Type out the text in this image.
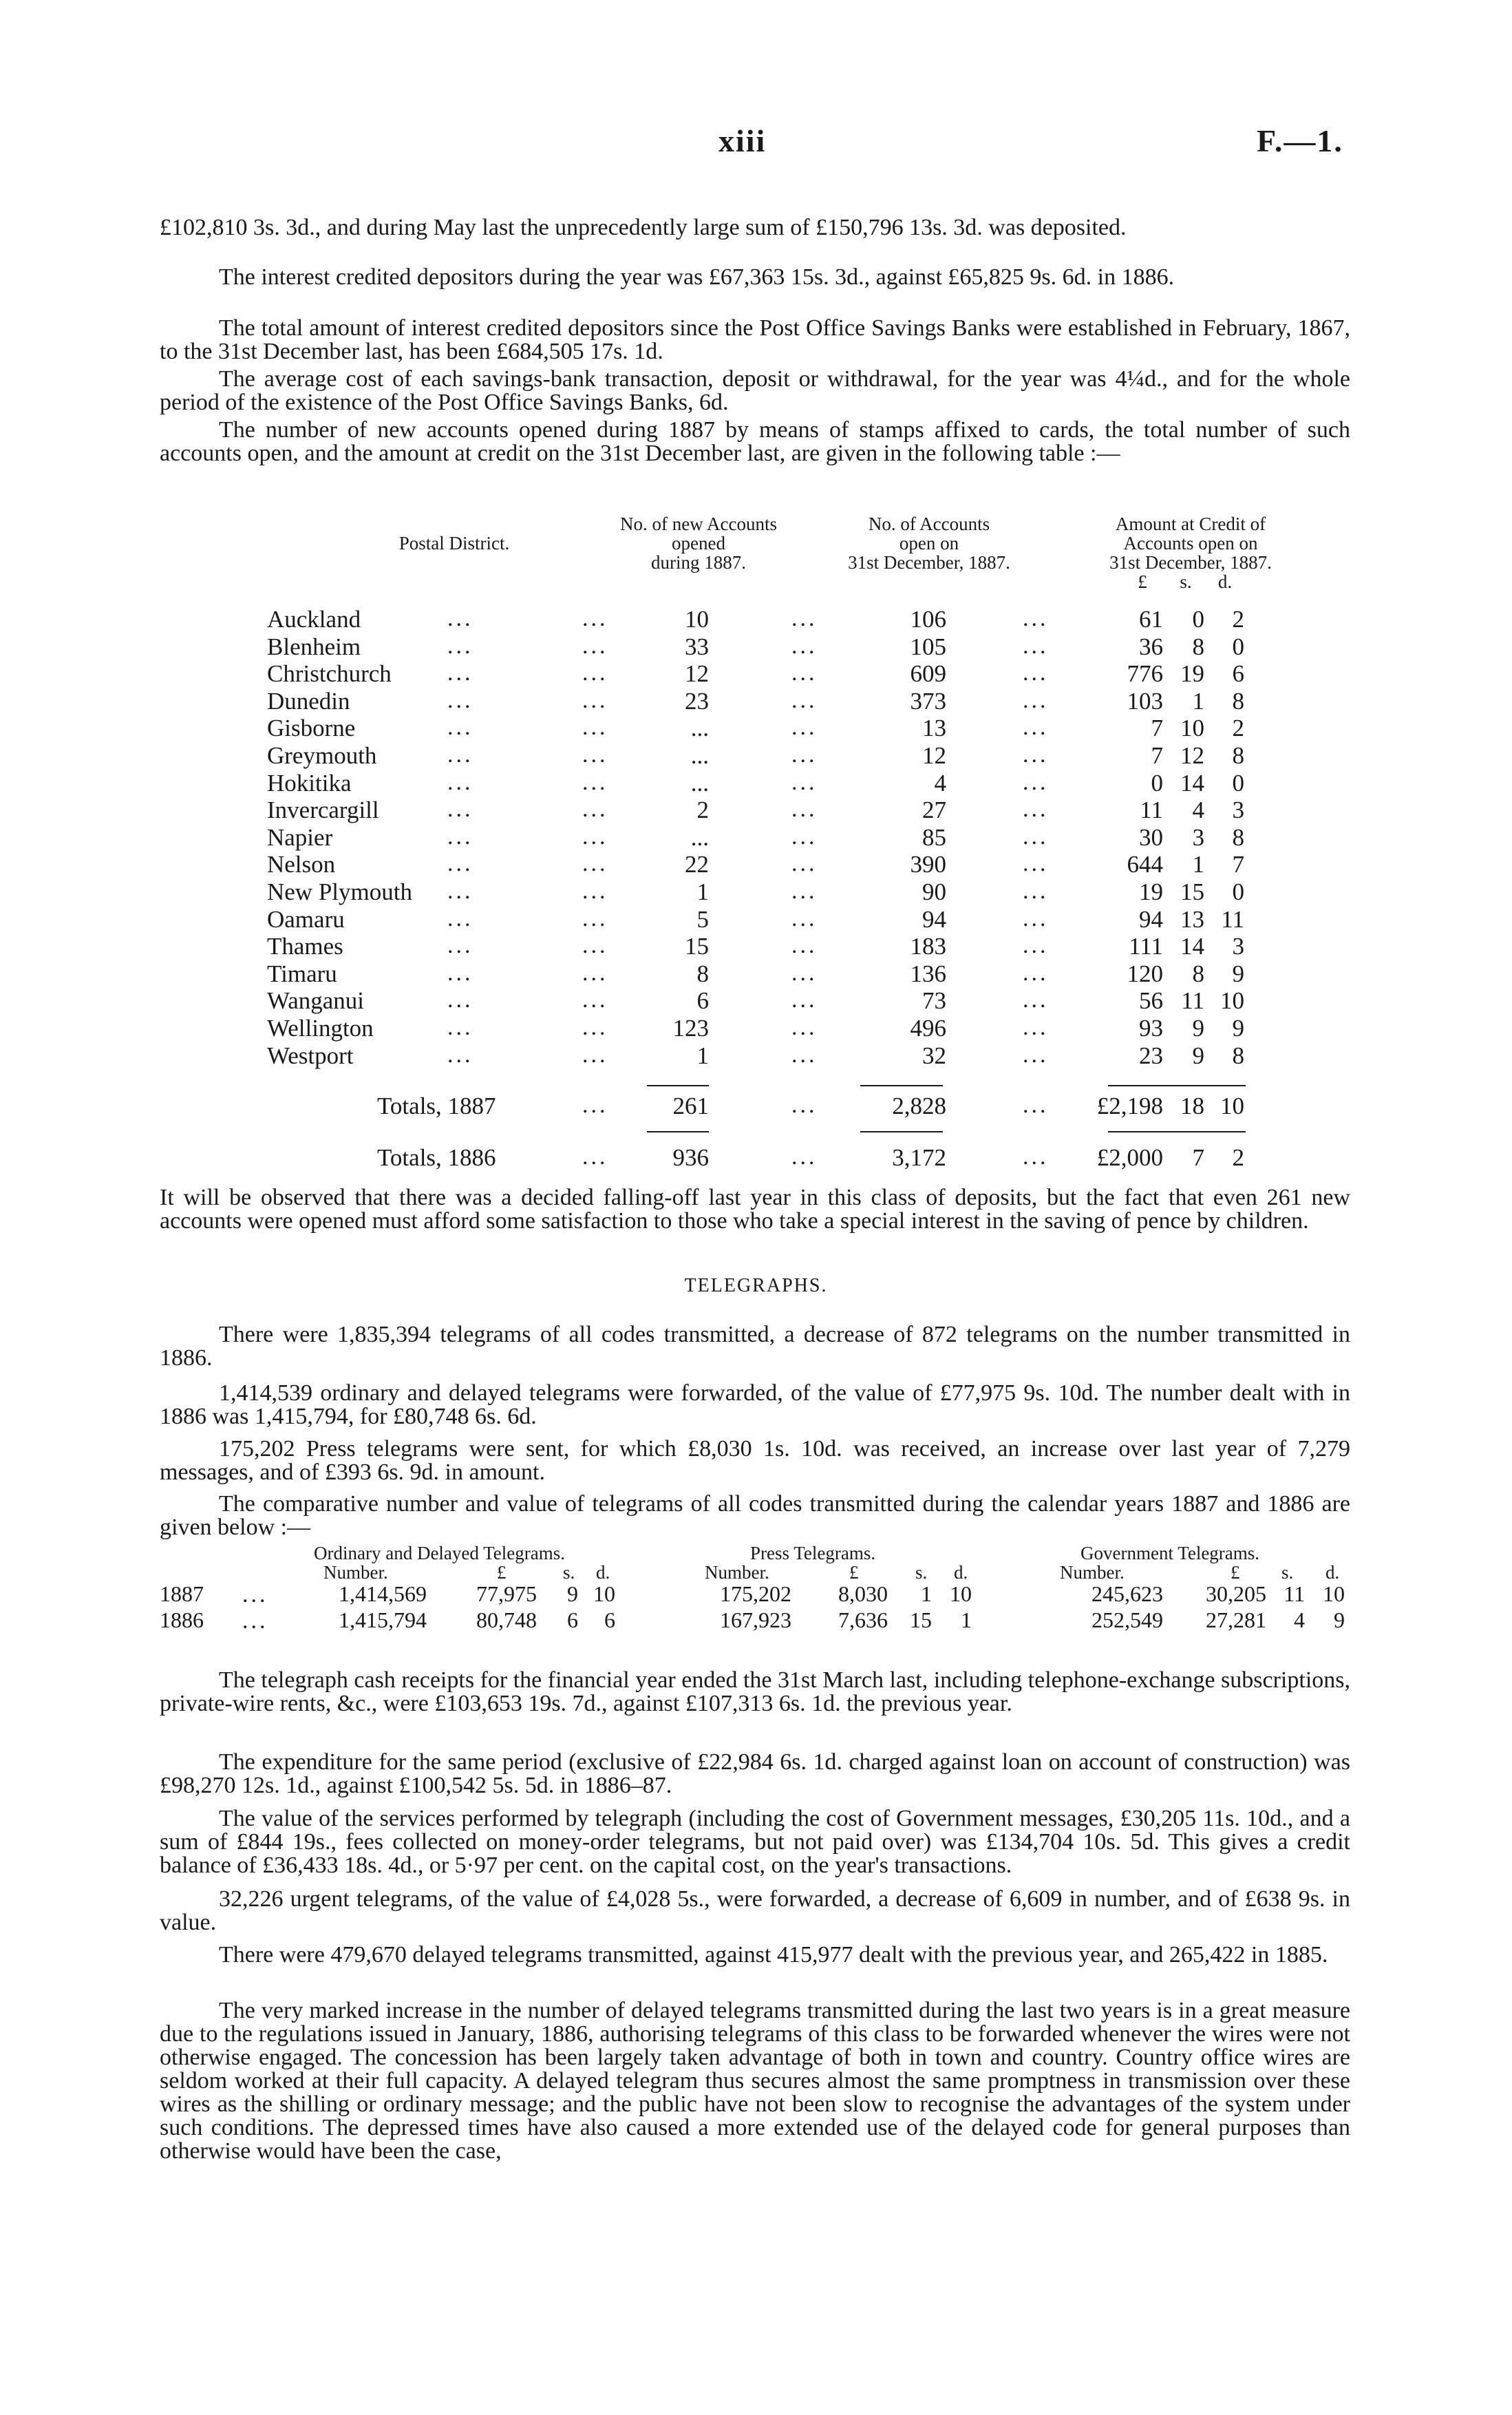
xiii	F.—1.
£102,810 3s. 3d., and during May last the unprecedently large sum of £150,796 13s. 3d. was deposited.
The interest credited depositors during the year was £67,363 15s. 3d., against £65,825 9s. 6d. in 1886.
The total amount of interest credited depositors since the Post Office Savings Banks were established in February, 1867, to the 31st December last, has been £684,505 17s. 1d.
The average cost of each savings-bank transaction, deposit or withdrawal, for the year was 4¼d., and for the whole period of the existence of the Post Office Savings Banks, 6d.
The number of new accounts opened during 1887 by means of stamps affixed to cards, the total number of such accounts open, and the amount at credit on the 31st December last, are given in the following table :—
Postal District.
No. of new Accounts
opened
during 1887.
No. of Accounts
open on
31st December, 1887.
Amount at Credit of
Accounts open on
31st December, 1887.
£	s.	d.
Auckland	...	...	10	...	106	...	61	0	2
Blenheim	...	...	33	...	105	...	36	8	0
Christchurch ...	...	12	...	609	...	776 19	6
Dunedin	...	...	23	...	373	...	103	1	8
Gisborne	...	...	...	...	13	...	7 10	2
Greymouth	...	...	...	...	12	...	7 12	8
Hokitika	...	...	...	...	4	...	0 14	0
Invercargill	...	...	2	...	27	...	11	4	3
Napier	...	...	...	...	85	...	30	3	8
Nelson	...	...	22	...	390	...	644	1	7
New Plymouth ...	...	1	...	90	...	19 15	0
Oamaru	...	...	5	...	94	...	94 13 11
Thames	...	...	15	...	183	...	111 14	3
Timaru	...	...	8	...	136	...	120	8	9
Wanganui	...	...	6	...	73	...	56 11 10
Wellington	...	...	123	...	496	...	93	9	9
Westport	...	...	1	...	32	...	23	9	8
Totals, 1887	...	261	...	2,828	...	£2,198 18 10
Totals, 1886	...	936	...	3,172	...	£2,000	7	2
It will be observed that there was a decided falling-off last year in this class of deposits, but the fact that even 261 new accounts were opened must afford some satisfaction to those who take a special interest in the saving of pence by children.
TELEGRAPHS.
There were 1,835,394 telegrams of all codes transmitted, a decrease of 872 telegrams on the number transmitted in 1886.
1,414,539 ordinary and delayed telegrams were forwarded, of the value of £77,975 9s. 10d. The number dealt with in 1886 was 1,415,794, for £80,748 6s. 6d.
175,202 Press telegrams were sent, for which £8,030 1s. 10d. was received, an increase over last year of 7,279 messages, and of £393 6s. 9d. in amount.
The comparative number and value of telegrams of all codes transmitted during the calendar years 1887 and 1886 are given below :—
Ordinary and Delayed Telegrams.	Press Telegrams.	Government Telegrams.
Number.	£	s. d.	Number.	£	s. d.	Number.	£ s. d.
1887 ...	1,414,569	77,975	9 10	175,202	8,030	1 10	245,623	30,205 11 10
1886 ...	1,415,794	80,748	6	6	167,923	7,636	15	1	252,549	27,281	4	9
The telegraph cash receipts for the financial year ended the 31st March last, including telephone-exchange subscriptions, private-wire rents, &c., were £103,653 19s. 7d., against £107,313 6s. 1d. the previous year.
The expenditure for the same period (exclusive of £22,984 6s. 1d. charged against loan on account of construction) was £98,270 12s. 1d., against £100,542 5s. 5d. in 1886–87.
The value of the services performed by telegraph (including the cost of Government messages, £30,205 11s. 10d., and a sum of £844 19s., fees collected on money-order telegrams, but not paid over) was £134,704 10s. 5d. This gives a credit balance of £36,433 18s. 4d., or 5·97 per cent. on the capital cost, on the year's transactions.
32,226 urgent telegrams, of the value of £4,028 5s., were forwarded, a decrease of 6,609 in number, and of £638 9s. in value.
There were 479,670 delayed telegrams transmitted, against 415,977 dealt with the previous year, and 265,422 in 1885.
The very marked increase in the number of delayed telegrams transmitted during the last two years is in a great measure due to the regulations issued in January, 1886, authorising telegrams of this class to be forwarded whenever the wires were not otherwise engaged. The concession has been largely taken advantage of both in town and country. Country office wires are seldom worked at their full capacity. A delayed telegram thus secures almost the same promptness in transmission over these wires as the shilling or ordinary message; and the public have not been slow to recognise the advantages of the system under such conditions. The depressed times have also caused a more extended use of the delayed code for general purposes than otherwise would have been the case,
